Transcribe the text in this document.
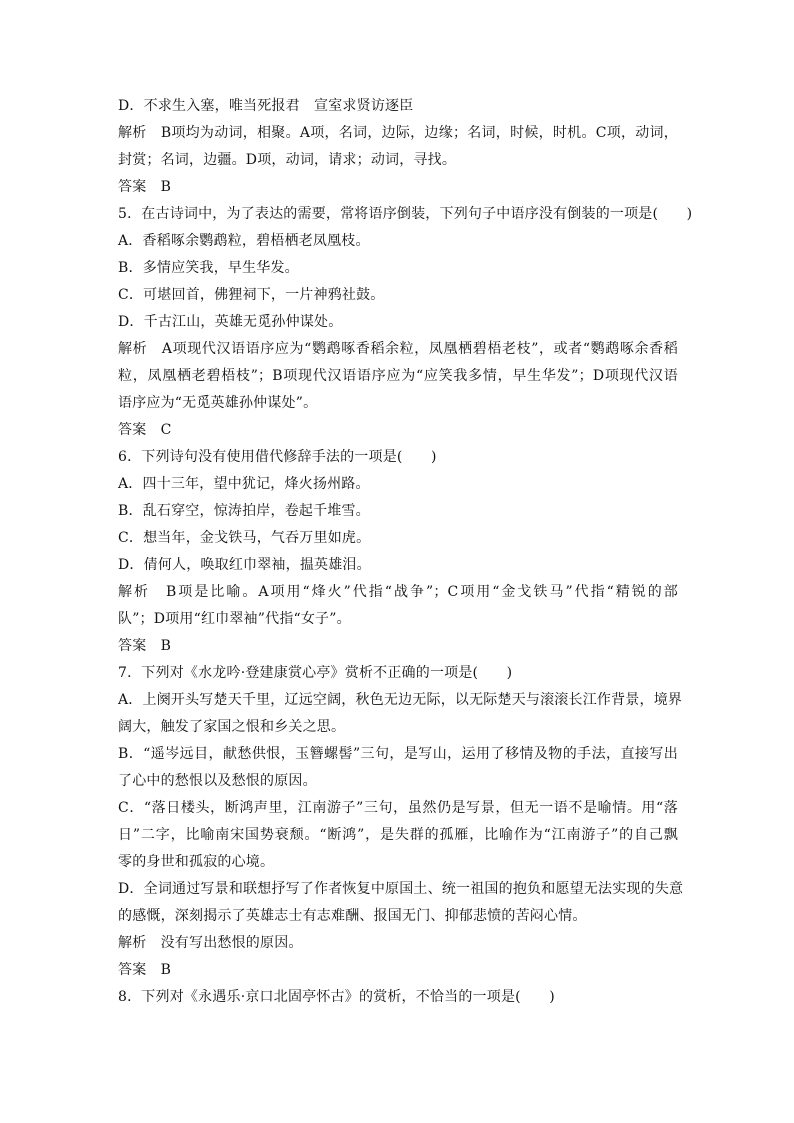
D．不求生入塞，唯当死报君　宣室求贤访逐臣
解析　B项均为动词，相聚。A项，名词，边际，边缘；名词，时候，时机。C项，动词，
封赏；名词，边疆。D项，动词，请求；动词，寻找。
答案　B
5．在古诗词中，为了表达的需要，常将语序倒装，下列句子中语序没有倒装的一项是(　　)
A．香稻啄余鹦鹉粒，碧梧栖老凤凰枝。
B．多情应笑我，早生华发。
C．可堪回首，佛狸祠下，一片神鸦社鼓。
D．千古江山，英雄无觅孙仲谋处。
解析　A项现代汉语语序应为“鹦鹉啄香稻余粒，凤凰栖碧梧老枝”，或者“鹦鹉啄余香稻
粒，凤凰栖老碧梧枝”；B项现代汉语语序应为“应笑我多情，早生华发”；D项现代汉语
语序应为“无觅英雄孙仲谋处”。
答案　C
6．下列诗句没有使用借代修辞手法的一项是(　　)
A．四十三年，望中犹记，烽火扬州路。
B．乱石穿空，惊涛拍岸，卷起千堆雪。
C．想当年，金戈铁马，气吞万里如虎。
D．倩何人，唤取红巾翠袖，揾英雄泪。
解析　B项是比喻。A项用“烽火”代指“战争”；C项用“金戈铁马”代指“精锐的部
队”；D项用“红巾翠袖”代指“女子”。
答案　B
7．下列对《水龙吟·登建康赏心亭》赏析不正确的一项是(　　)
A．上阕开头写楚天千里，辽远空阔，秋色无边无际，以无际楚天与滚滚长江作背景，境界
阔大，触发了家国之恨和乡关之思。
B．“遥岑远目，献愁供恨，玉簪螺髻”三句，是写山，运用了移情及物的手法，直接写出
了心中的愁恨以及愁恨的原因。
C．“落日楼头，断鸿声里，江南游子”三句，虽然仍是写景，但无一语不是喻情。用“落
日”二字，比喻南宋国势衰颓。“断鸿”，是失群的孤雁，比喻作为“江南游子”的自己飘
零的身世和孤寂的心境。
D．全词通过写景和联想抒写了作者恢复中原国土、统一祖国的抱负和愿望无法实现的失意
的感慨，深刻揭示了英雄志士有志难酬、报国无门、抑郁悲愤的苦闷心情。
解析　没有写出愁恨的原因。
答案　B
8．下列对《永遇乐·京口北固亭怀古》的赏析，不恰当的一项是(　　)
